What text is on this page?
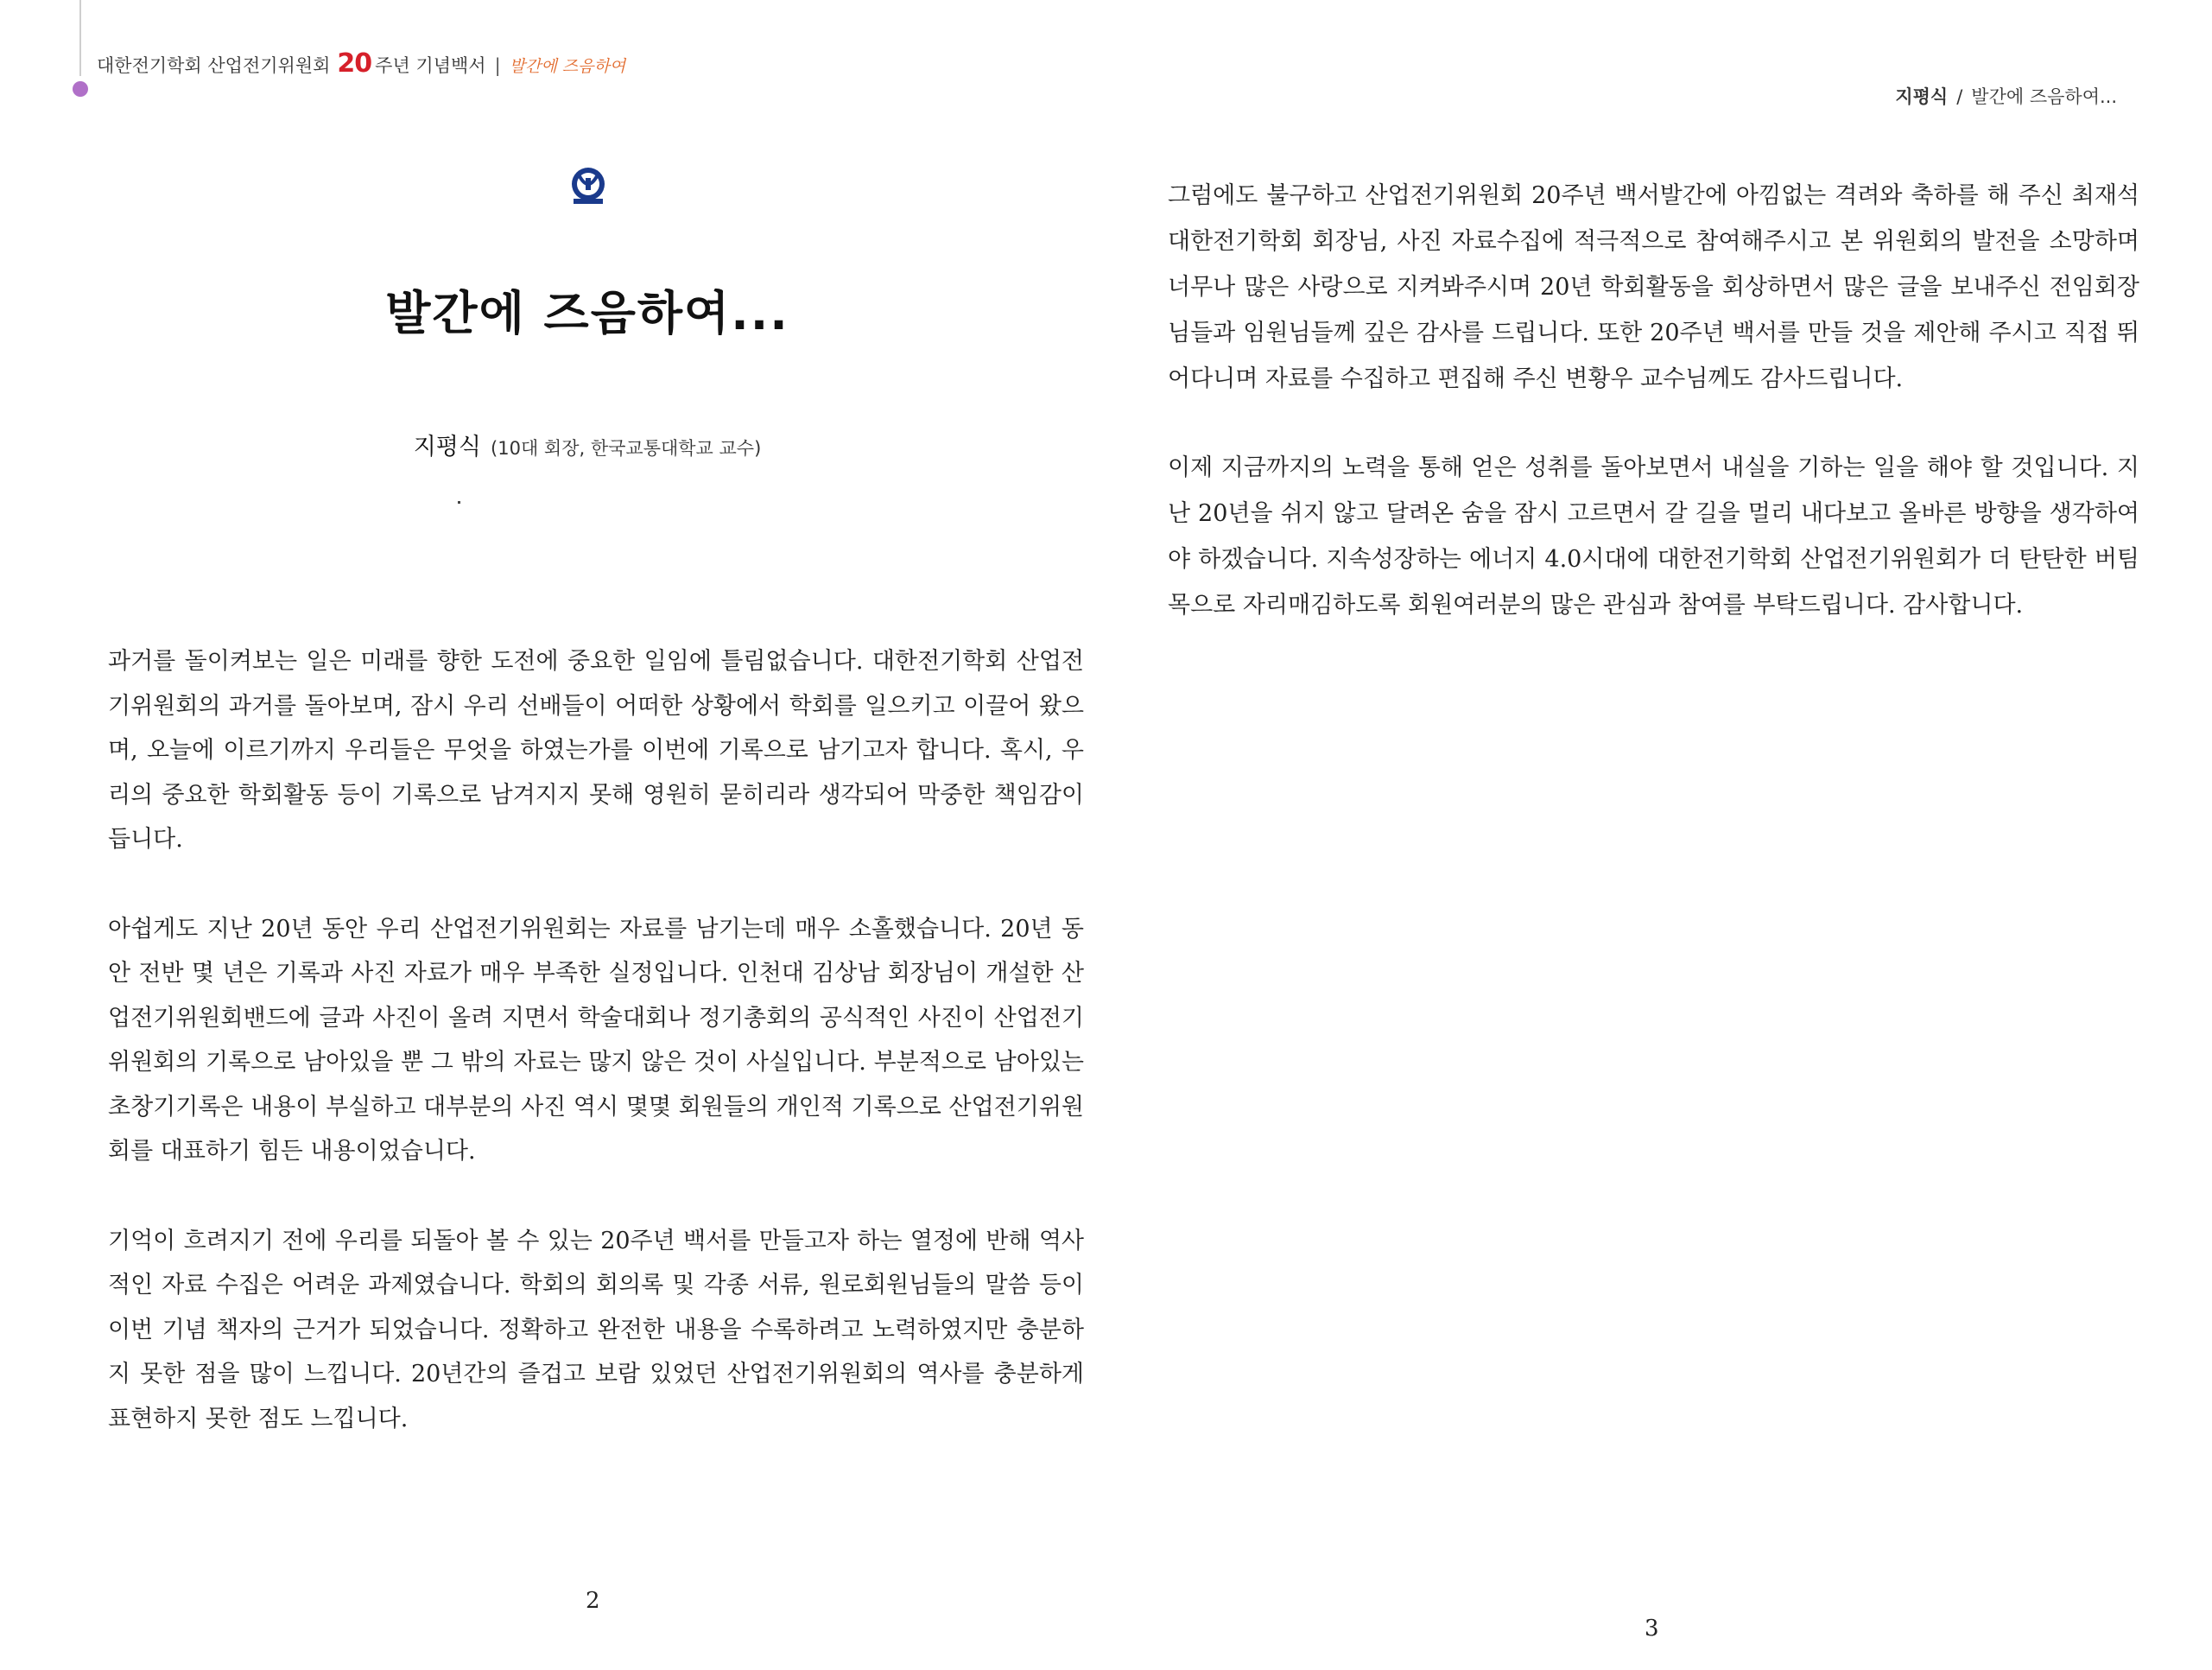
대한전기학회 산업전기위원회 20 주년 기념백서 | 발간에 즈음하여
발간에 즈음하여...
지평식 (10대 회장, 한국교통대학교 교수)

과거를 돌이켜보는 일은 미래를 향한 도전에 중요한 일임에 틀림없습니다. 대한전기학회 산업전기위원회의 과거를 돌아보며, 잠시 우리 선배들이 어떠한 상황에서 학회를 일으키고 이끌어 왔으며, 오늘에 이르기까지 우리들은 무엇을 하였는가를 이번에 기록으로 남기고자 합니다. 혹시, 우리의 중요한 학회활동 등이 기록으로 남겨지지 못해 영원히 묻히리라 생각되어 막중한 책임감이 듭니다.

아쉽게도 지난 20년 동안 우리 산업전기위원회는 자료를 남기는데 매우 소홀했습니다. 20년 동안 전반 몇 년은 기록과 사진 자료가 매우 부족한 실정입니다. 인천대 김상남 회장님이 개설한 산업전기위원회밴드에 글과 사진이 올려 지면서 학술대회나 정기총회의 공식적인 사진이 산업전기위원회의 기록으로 남아있을 뿐 그 밖의 자료는 많지 않은 것이 사실입니다. 부분적으로 남아있는 초창기기록은 내용이 부실하고 대부분의 사진 역시 몇몇 회원들의 개인적 기록으로 산업전기위원회를 대표하기 힘든 내용이었습니다.

기억이 흐려지기 전에 우리를 되돌아 볼 수 있는 20주년 백서를 만들고자 하는 열정에 반해 역사적인 자료 수집은 어려운 과제였습니다. 학회의 회의록 및 각종 서류, 원로회원님들의 말씀 등이 이번 기념 책자의 근거가 되었습니다. 정확하고 완전한 내용을 수록하려고 노력하였지만 충분하지 못한 점을 많이 느낍니다. 20년간의 즐겁고 보람 있었던 산업전기위원회의 역사를 충분하게 표현하지 못한 점도 느낍니다.

2
지평식 / 발간에 즈음하여...

그럼에도 불구하고 산업전기위원회 20주년 백서발간에 아낌없는 격려와 축하를 해 주신 최재석 대한전기학회 회장님, 사진 자료수집에 적극적으로 참여해주시고 본 위원회의 발전을 소망하며 너무나 많은 사랑으로 지켜봐주시며 20년 학회활동을 회상하면서 많은 글을 보내주신 전임회장님들과 임원님들께 깊은 감사를 드립니다. 또한 20주년 백서를 만들 것을 제안해 주시고 직접 뛰어다니며 자료를 수집하고 편집해 주신 변황우 교수님께도 감사드립니다.

이제 지금까지의 노력을 통해 얻은 성취를 돌아보면서 내실을 기하는 일을 해야 할 것입니다. 지난 20년을 쉬지 않고 달려온 숨을 잠시 고르면서 갈 길을 멀리 내다보고 올바른 방향을 생각하여야 하겠습니다. 지속성장하는 에너지 4.0시대에 대한전기학회 산업전기위원회가 더 탄탄한 버팀목으로 자리매김하도록 회원여러분의 많은 관심과 참여를 부탁드립니다. 감사합니다.

3
